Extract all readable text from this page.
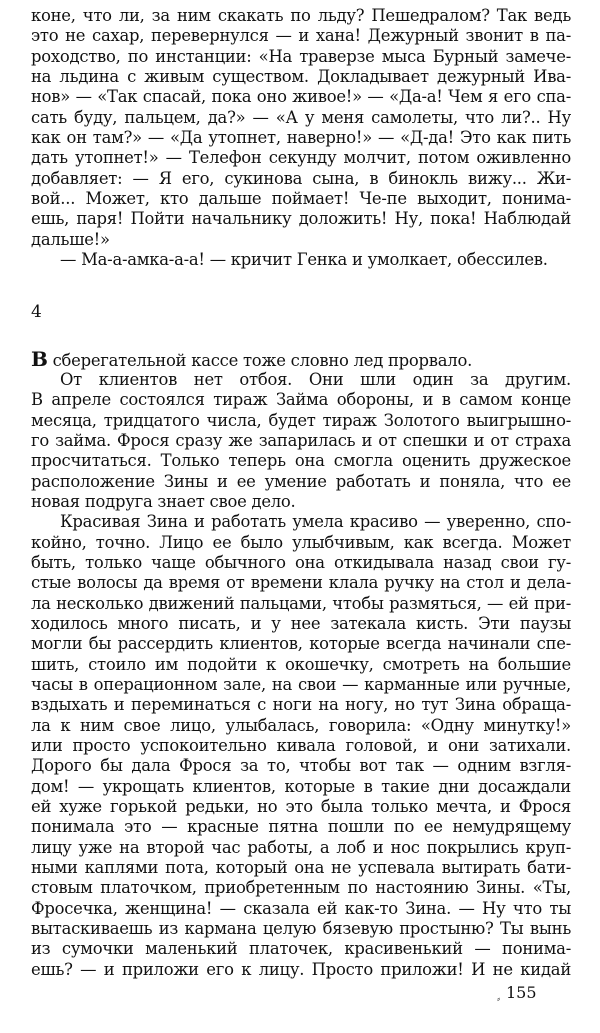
коне, что ли, за ним скакать по льду? Пешедралом? Так ведь
это не сахар, перевернулся — и хана! Дежурный звонит в па-
роходство, по инстанции: «На траверзе мыса Бурный замече-
на льдина с живым существом. Докладывает дежурный Ива-
нов» — «Так спасай, пока оно живое!» — «Да-а! Чем я его спа-
сать буду, пальцем, да?» — «А у меня самолеты, что ли?.. Ну
как он там?» — «Да утопнет, наверно!» — «Д-да! Это как пить
дать утопнет!» — Телефон секунду молчит, потом оживленно
добавляет: — Я его, сукинова сына, в бинокль вижу... Жи-
вой... Может, кто дальше поймает! Че-пе выходит, понима-
ешь, паря! Пойти начальнику доложить! Ну, пока! Наблюдай
дальше!»
— Ма-а-амка-а-а! — кричит Генка и умолкает, обессилев.
4
В сберегательной кассе тоже словно лед прорвало.
От клиентов нет отбоя. Они шли один за другим.
В апреле состоялся тираж Займа обороны, и в самом конце
месяца, тридцатого числа, будет тираж Золотого выигрышно-
го займа. Фрося сразу же запарилась и от спешки и от страха
просчитаться. Только теперь она смогла оценить дружеское
расположение Зины и ее умение работать и поняла, что ее
новая подруга знает свое дело.
Красивая Зина и работать умела красиво — уверенно, спо-
койно, точно. Лицо ее было улыбчивым, как всегда. Может
быть, только чаще обычного она откидывала назад свои гу-
стые волосы да время от времени клала ручку на стол и дела-
ла несколько движений пальцами, чтобы размяться, — ей при-
ходилось много писать, и у нее затекала кисть. Эти паузы
могли бы рассердить клиентов, которые всегда начинали спе-
шить, стоило им подойти к окошечку, смотреть на большие
часы в операционном зале, на свои — карманные или ручные,
вздыхать и переминаться с ноги на ногу, но тут Зина обраща-
ла к ним свое лицо, улыбалась, говорила: «Одну минутку!»
или просто успокоительно кивала головой, и они затихали.
Дорого бы дала Фрося за то, чтобы вот так — одним взгля-
дом! — укрощать клиентов, которые в такие дни досаждали
ей хуже горькой редьки, но это была только мечта, и Фрося
понимала это — красные пятна пошли по ее немудрящему
лицу уже на второй час работы, а лоб и нос покрылись круп-
ными каплями пота, который она не успевала вытирать бати-
стовым платочком, приобретенным по настоянию Зины. «Ты,
Фросечка, женщина! — сказала ей как-то Зина. — Ну что ты
вытаскиваешь из кармана целую бязевую простыню? Ты вынь
из сумочки маленький платочек, красивенький — понима-
ешь? — и приложи его к лицу. Просто приложи! И не кидай
155
⸗
